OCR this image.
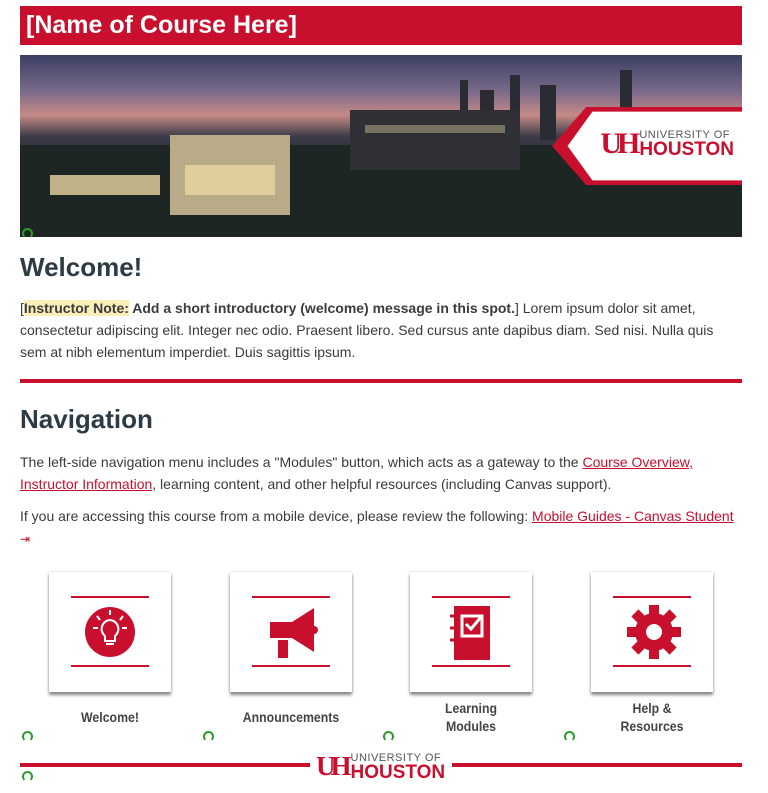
[Name of Course Here]
UH UNIVERSITY OF
HOUSTON
Welcome!

[Instructor Note: Add a short introductory (welcome) message in this spot.] Lorem ipsum dolor sit amet, consectetur adipiscing elit. Integer nec odio. Praesent libero. Sed cursus ante dapibus diam. Sed nisi. Nulla quis sem at nibh elementum imperdiet. Duis sagittis ipsum.

Navigation

The left-side navigation menu includes a "Modules" button, which acts as a gateway to the Course Overview, Instructor Information, learning content, and other helpful resources (including Canvas support).

If you are accessing this course from a mobile device, please review the following: Mobile Guides - Canvas Student
⇥

Welcome!	Announcements
Learning Modules
Help & Resources
UH UNIVERSITY OF
HOUSTON
